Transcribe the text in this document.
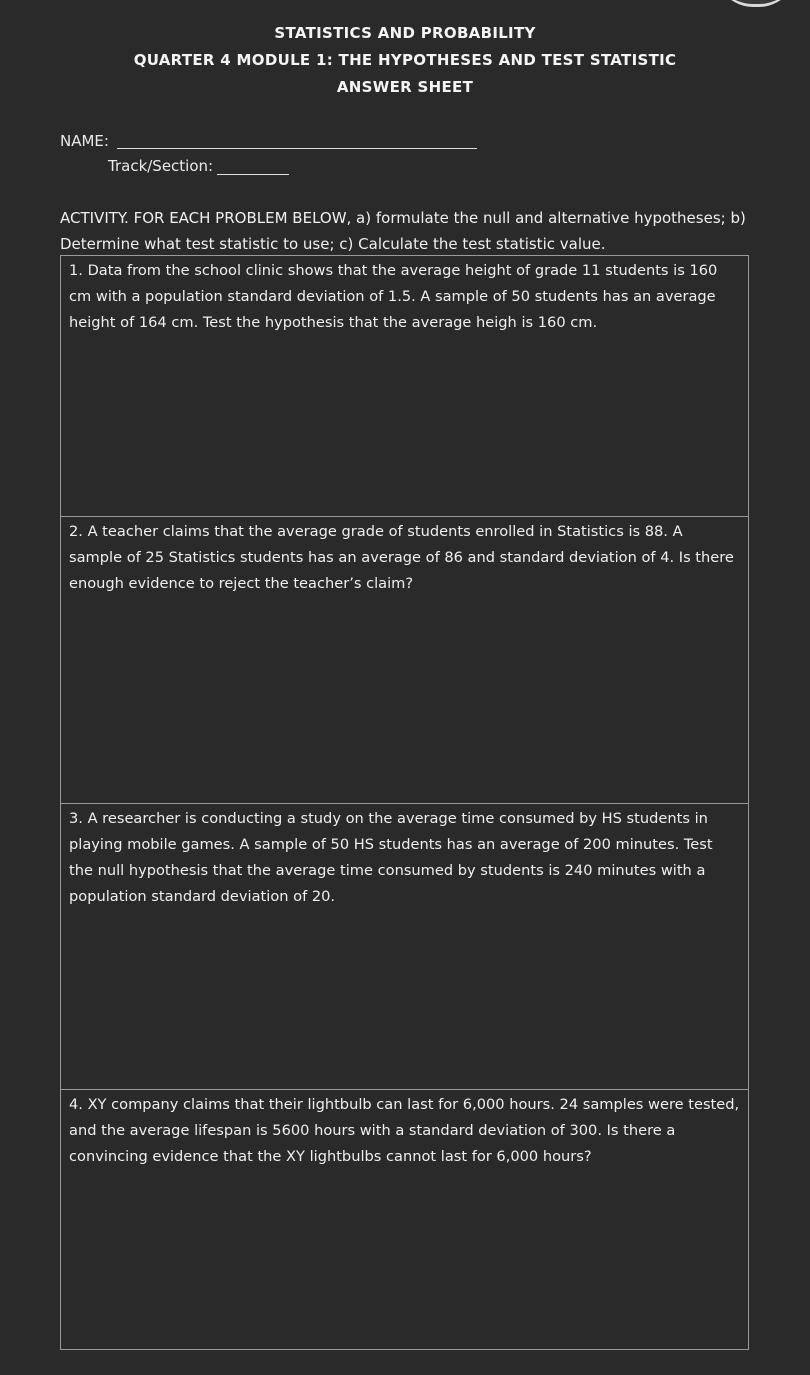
STATISTICS AND PROBABILITY
QUARTER 4 MODULE 1: THE HYPOTHESES AND TEST STATISTIC
ANSWER SHEET
NAME:
Track/Section:
ACTIVITY. FOR EACH PROBLEM BELOW, a) formulate the null and alternative hypotheses; b) Determine what test statistic to use; c) Calculate the test statistic value.
1. Data from the school clinic shows that the average height of grade 11 students is 160 cm with a population standard deviation of 1.5. A sample of 50 students has an average height of 164 cm. Test the hypothesis that the average heigh is 160 cm.
2. A teacher claims that the average grade of students enrolled in Statistics is 88. A sample of 25 Statistics students has an average of 86 and standard deviation of 4. Is there enough evidence to reject the teacher’s claim?
3. A researcher is conducting a study on the average time consumed by HS students in playing mobile games. A sample of 50 HS students has an average of 200 minutes. Test the null hypothesis that the average time consumed by students is 240 minutes with a population standard deviation of 20.
4. XY company claims that their lightbulb can last for 6,000 hours. 24 samples were tested, and the average lifespan is 5600 hours with a standard deviation of 300. Is there a convincing evidence that the XY lightbulbs cannot last for 6,000 hours?
